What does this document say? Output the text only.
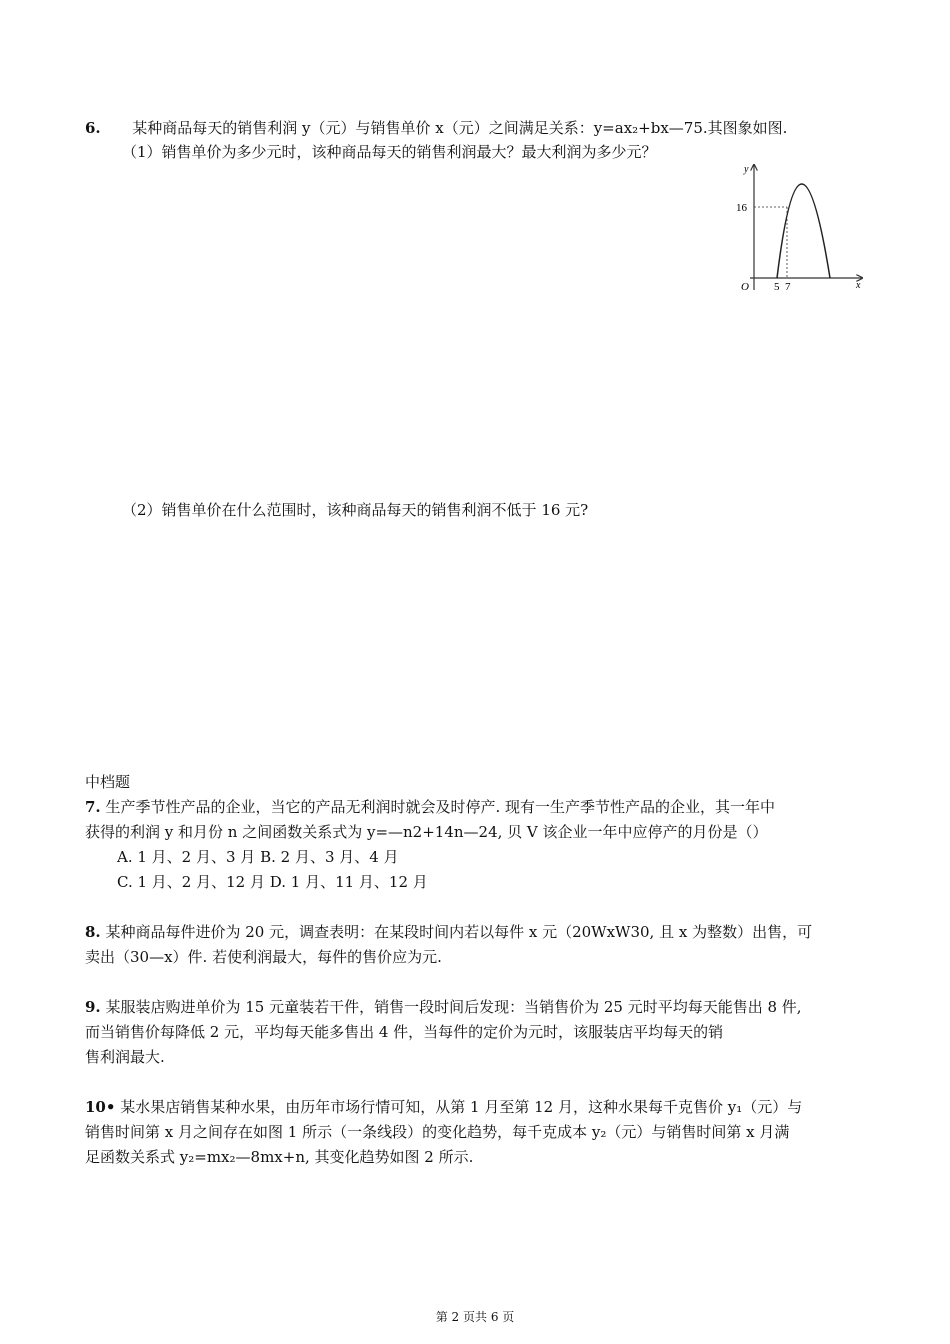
6. 某种商品每天的销售利润 y（元）与销售单价 x（元）之间满足关系：y=ax₂+bx—75.其图象如图.
（1）销售单价为多少元时，该种商品每天的销售利润最大？最大利润为多少元？
y
x
O
16
5 7
（2）销售单价在什么范围时，该种商品每天的销售利润不低于 16 元?
中档题
7. 生产季节性产品的企业，当它的产品无利润时就会及时停产. 现有一生产季节性产品的企业，其一年中
获得的利润 y 和月份 n 之间函数关系式为 y=—n2+14n—24, 贝 V 该企业一年中应停产的月份是（）
A. 1 月、2 月、3 月 B. 2 月、3 月、4 月
C. 1 月、2 月、12 月 D. 1 月、11 月、12 月
8. 某种商品每件进价为 20 元，调查表明：在某段时间内若以每件 x 元（20WxW30, 且 x 为整数）出售，可
卖出（30—x）件. 若使利润最大，每件的售价应为元.
9. 某服装店购进单价为 15 元童装若干件，销售一段时间后发现：当销售价为 25 元时平均每天能售出 8 件,
而当销售价每降低 2 元，平均每天能多售出 4 件，当每件的定价为元时，该服装店平均每天的销
售利润最大.
10• 某水果店销售某种水果，由历年市场行情可知，从第 1 月至第 12 月，这种水果每千克售价 y₁（元）与
销售时间第 x 月之间存在如图 1 所示（一条线段）的变化趋势，每千克成本 y₂（元）与销售时间第 x 月满
足函数关系式 y₂=mx₂—8mx+n, 其变化趋势如图 2 所示.
第 2 页共 6 页
